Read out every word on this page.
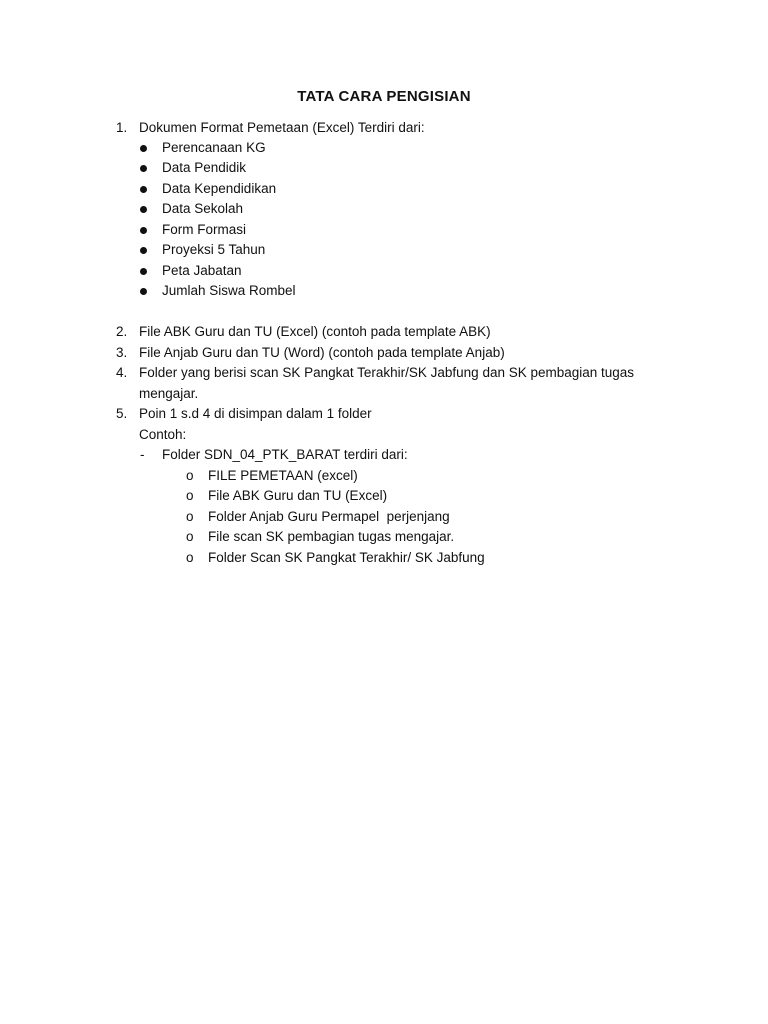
TATA CARA PENGISIAN
1. Dokumen Format Pemetaan (Excel) Terdiri dari:
Perencanaan KG
Data Pendidik
Data Kependidikan
Data Sekolah
Form Formasi
Proyeksi 5 Tahun
Peta Jabatan
Jumlah Siswa Rombel
2. File ABK Guru dan TU (Excel) (contoh pada template ABK)
3. File Anjab Guru dan TU (Word) (contoh pada template Anjab)
4. Folder yang berisi scan SK Pangkat Terakhir/SK Jabfung dan SK pembagian tugas
mengajar.
5. Poin 1 s.d 4 di disimpan dalam 1 folder
Contoh:
- Folder SDN_04_PTK_BARAT terdiri dari:
o FILE PEMETAAN (excel)
o File ABK Guru dan TU (Excel)
o Folder Anjab Guru Permapel  perjenjang
o File scan SK pembagian tugas mengajar.
o Folder Scan SK Pangkat Terakhir/ SK Jabfung
